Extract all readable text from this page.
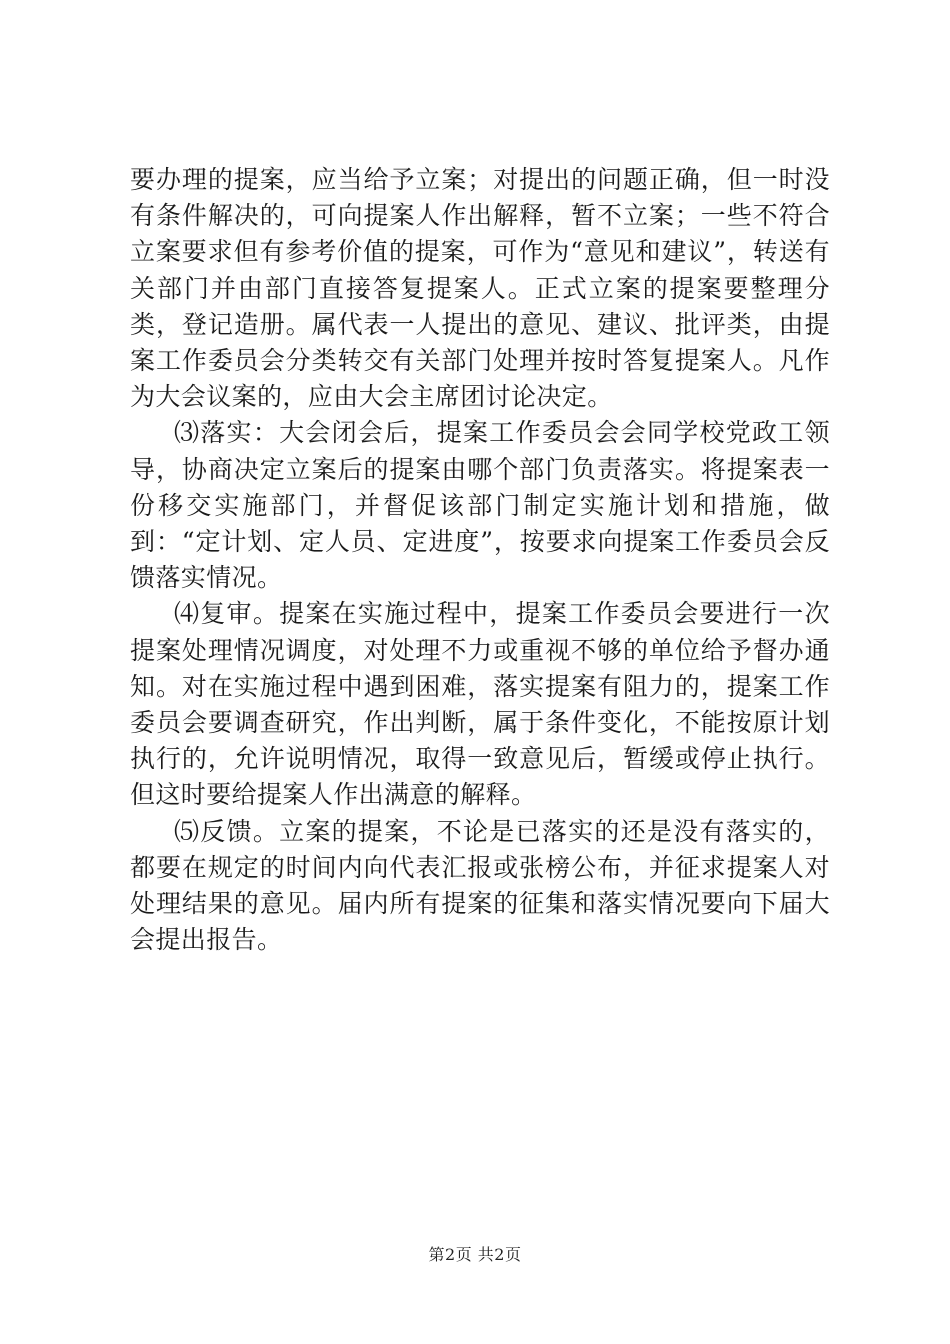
要办理的提案，应当给予立案；对提出的问题正确，但一时没有条件解决的，可向提案人作出解释，暂不立案；一些不符合立案要求但有参考价值的提案，可作为“意见和建议”，转送有关部门并由部门直接答复提案人。正式立案的提案要整理分类，登记造册。属代表一人提出的意见、建议、批评类，由提案工作委员会分类转交有关部门处理并按时答复提案人。凡作为大会议案的，应由大会主席团讨论决定。

⑶落实：大会闭会后，提案工作委员会会同学校党政工领导，协商决定立案后的提案由哪个部门负责落实。将提案表一份移交实施部门，并督促该部门制定实施计划和措施，做到：“定计划、定人员、定进度”，按要求向提案工作委员会反馈落实情况。

⑷复审。提案在实施过程中，提案工作委员会要进行一次提案处理情况调度，对处理不力或重视不够的单位给予督办通知。对在实施过程中遇到困难，落实提案有阻力的，提案工作委员会要调查研究，作出判断，属于条件变化，不能按原计划执行的，允许说明情况，取得一致意见后，暂缓或停止执行。但这时要给提案人作出满意的解释。

⑸反馈。立案的提案，不论是已落实的还是没有落实的，都要在规定的时间内向代表汇报或张榜公布，并征求提案人对处理结果的意见。届内所有提案的征集和落实情况要向下届大会提出报告。

第2页 共2页
